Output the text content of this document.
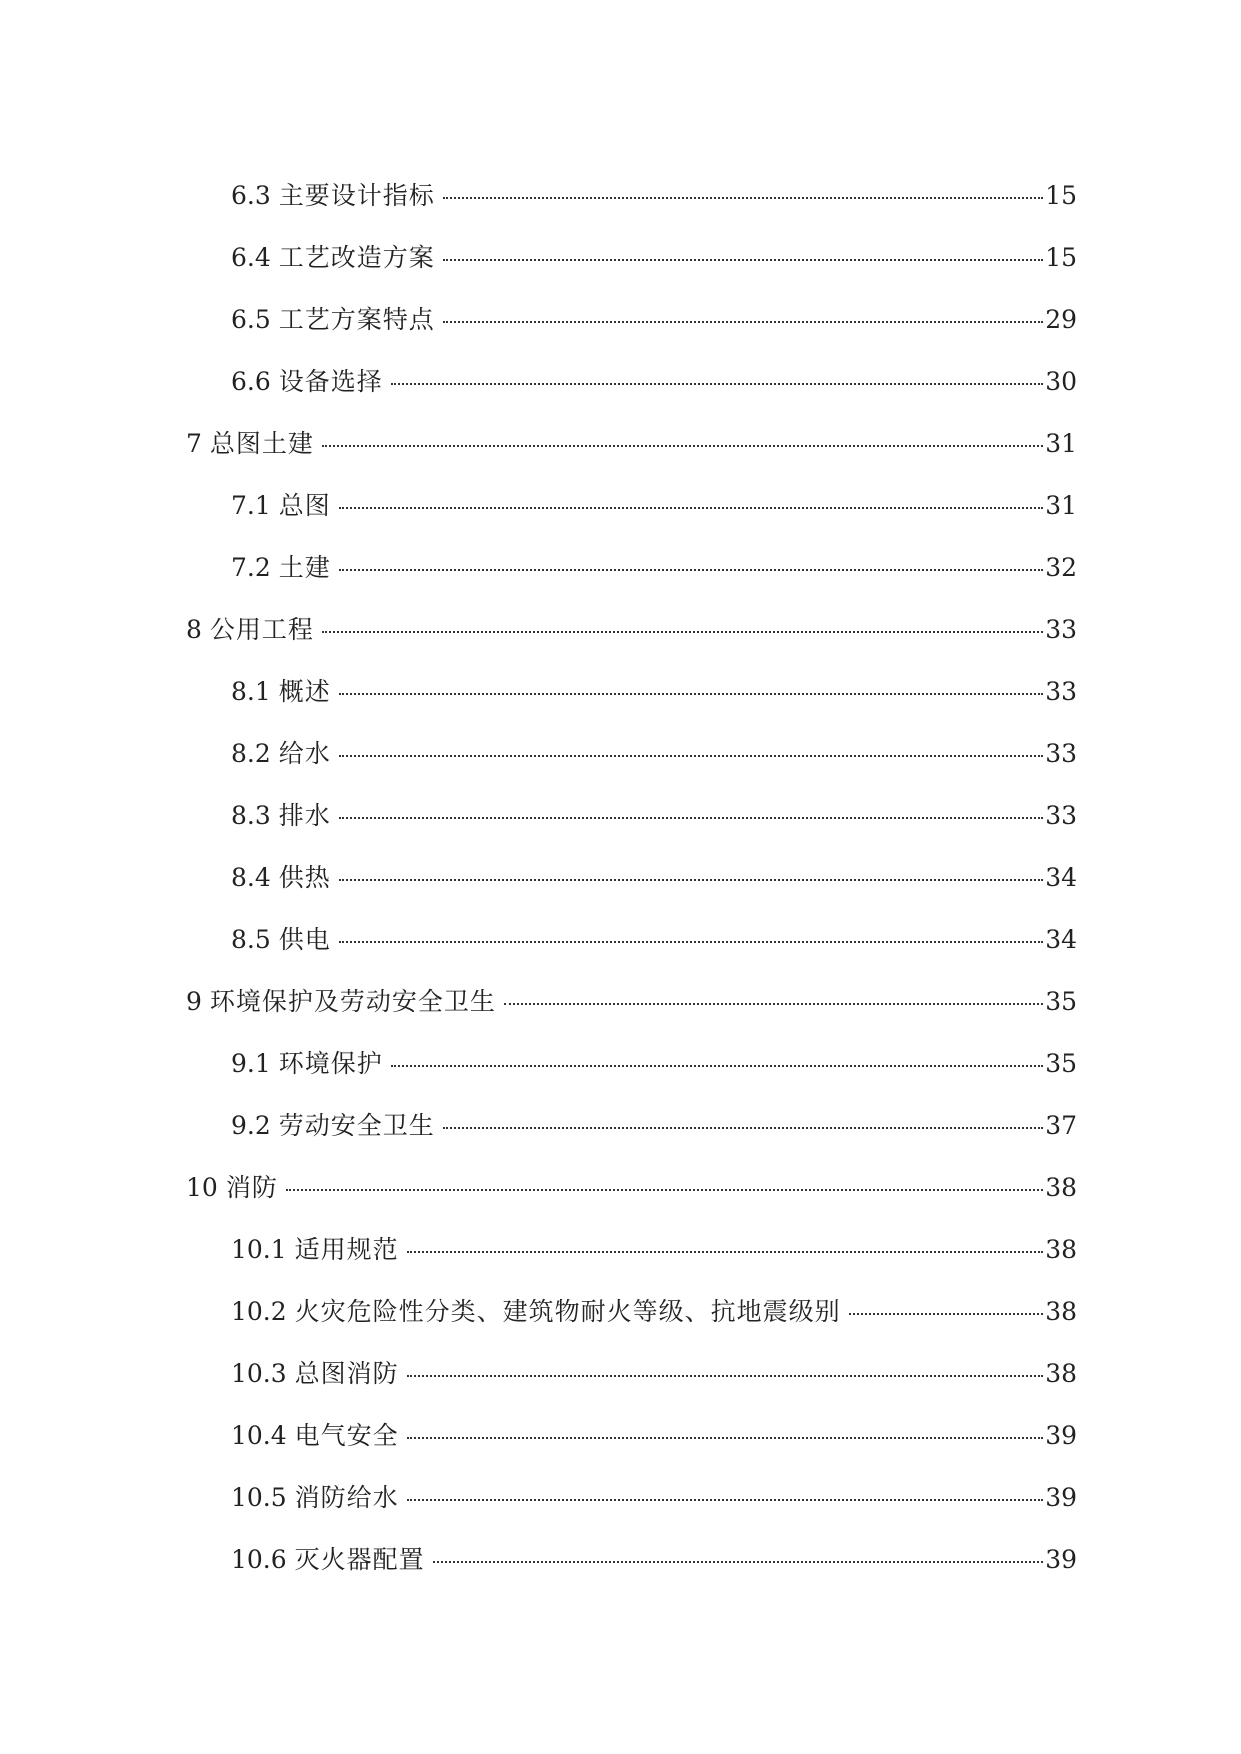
6.3 主要设计指标	15
6.4 工艺改造方案	15
6.5 工艺方案特点	29
6.6 设备选择	30
7 总图土建	31
7.1 总图	31
7.2 土建	32
8 公用工程	33
8.1 概述	33
8.2 给水	33
8.3 排水	33
8.4 供热	34
8.5 供电	34
9 环境保护及劳动安全卫生	35
9.1 环境保护	35
9.2 劳动安全卫生	37
10 消防	38
10.1 适用规范	38
10.2 火灾危险性分类、建筑物耐火等级、抗地震级别	38
10.3 总图消防	38
10.4 电气安全	39
10.5 消防给水	39
10.6 灭火器配置	39
